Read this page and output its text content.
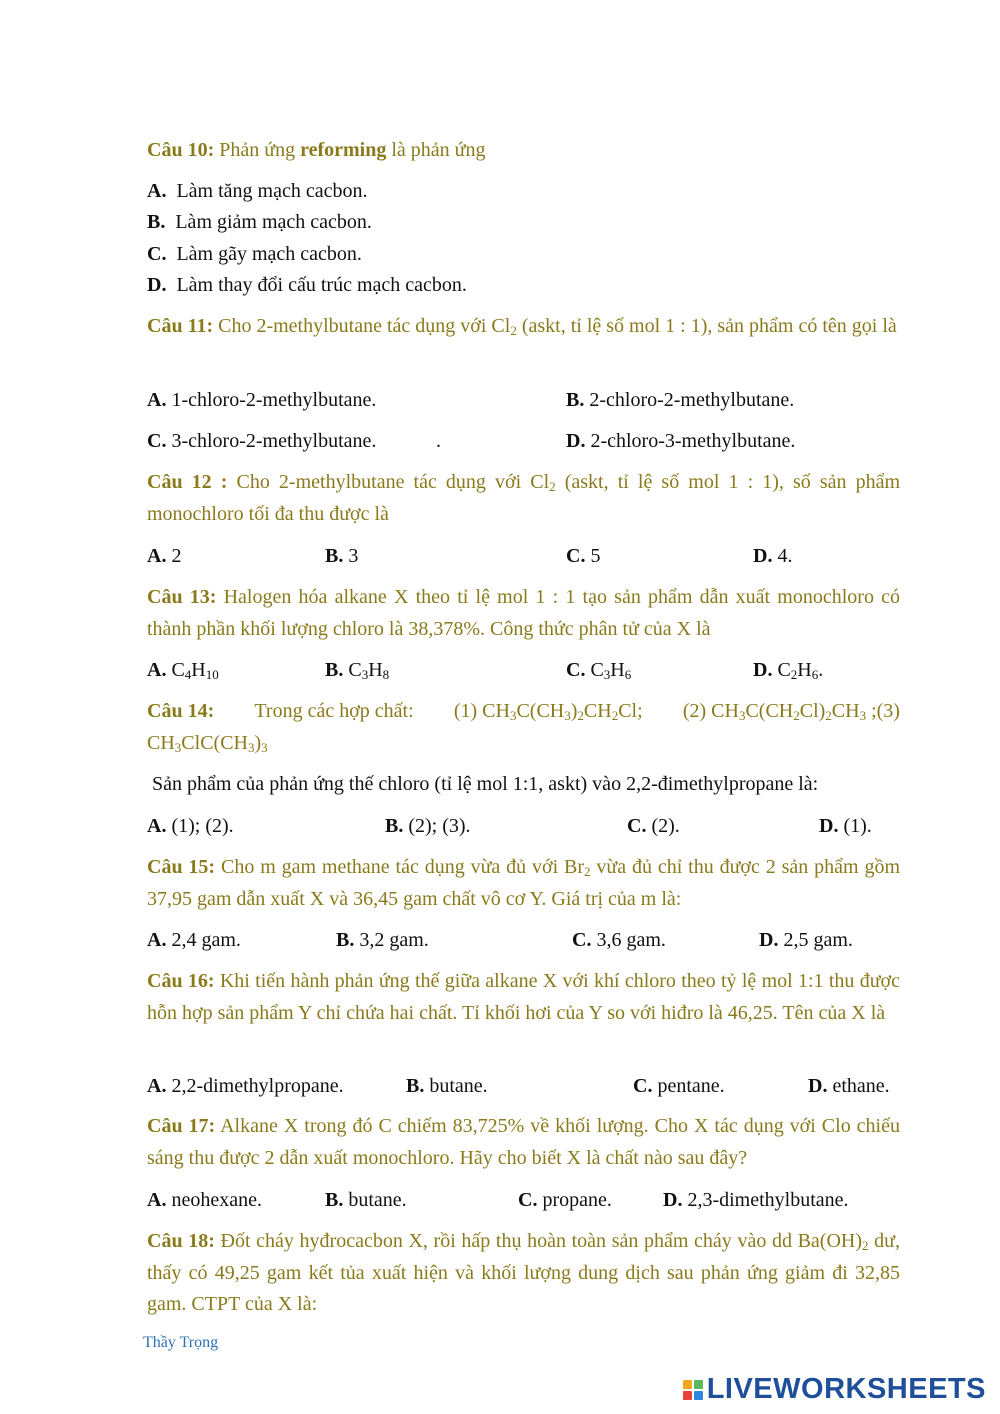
Câu 10: Phản ứng reforming là phản ứng
A. Làm tăng mạch cacbon.
B. Làm giảm mạch cacbon.
C. Làm gãy mạch cacbon.
D. Làm thay đổi cấu trúc mạch cacbon.
Câu 11: Cho 2-methylbutane tác dụng với $Cl_2$ (askt, tỉ lệ số mol 1 : 1), sản phẩm có tên gọi là
A. 1-chloro-2-methylbutane.	B. 2-chloro-2-methylbutane.
C. 3-chloro-2-methylbutane.	.	D. 2-chloro-3-methylbutane.
Câu 12 : Cho 2-methylbutane tác dụng với $Cl_2$ (askt, tỉ lệ số mol 1 : 1), số sản phẩm monochloro tối đa thu được là
A. 2	B. 3	C. 5	D. 4.
Câu 13: Halogen hóa alkane X theo tỉ lệ mol 1 : 1 tạo sản phẩm dẫn xuất monochloro có thành phần khối lượng chloro là 38,378%. Công thức phân tử của X là
A. $C_4H_{10}$	B. $C_3H_8$	C. $C_3H_6$	D. $C_2H_6$.
Câu 14: Trong các hợp chất: (1) $CH_3C(CH_3)_2CH_2Cl$; (2) $CH_3C(CH_2Cl)_2CH_3$ ;(3)
$CH_3ClC(CH_3)_3$
Sản phẩm của phản ứng thế chloro (tỉ lệ mol 1:1, askt) vào 2,2-đimethylpropane là:
A. (1); (2).	B. (2); (3).	C. (2).	D. (1).
Câu 15: Cho m gam methane tác dụng vừa đủ với $Br_2$ vừa đủ chỉ thu được 2 sản phẩm gồm 37,95 gam dẫn xuất X và 36,45 gam chất vô cơ Y. Giá trị của m là:
A. 2,4 gam.	B. 3,2 gam.	C. 3,6 gam.	D. 2,5 gam.
Câu 16: Khi tiến hành phản ứng thế giữa alkane X với khí chloro theo tỷ lệ mol 1:1 thu được hỗn hợp sản phẩm Y chỉ chứa hai chất. Tỉ khối hơi của Y so với hiđro là 46,25. Tên của X là
A. 2,2-dimethylpropane.	B. butane.	C. pentane.	D. ethane.
Câu 17: Alkane X trong đó C chiếm 83,725% về khối lượng. Cho X tác dụng với Clo chiếu sáng thu được 2 dẫn xuất monochloro. Hãy cho biết X là chất nào sau đây?
A. neohexane.	B. butane.	C. propane.	D. 2,3-dimethylbutane.
Câu 18: Đốt cháy hyđrocacbon X, rồi hấp thụ hoàn toàn sản phẩm cháy vào dd $Ba(OH)_2$ dư, thấy có 49,25 gam kết tủa xuất hiện và khối lượng dung dịch sau phản ứng giảm đi 32,85 gam. CTPT của X là:
Thầy Trọng
LIVEWORKSHEETS
